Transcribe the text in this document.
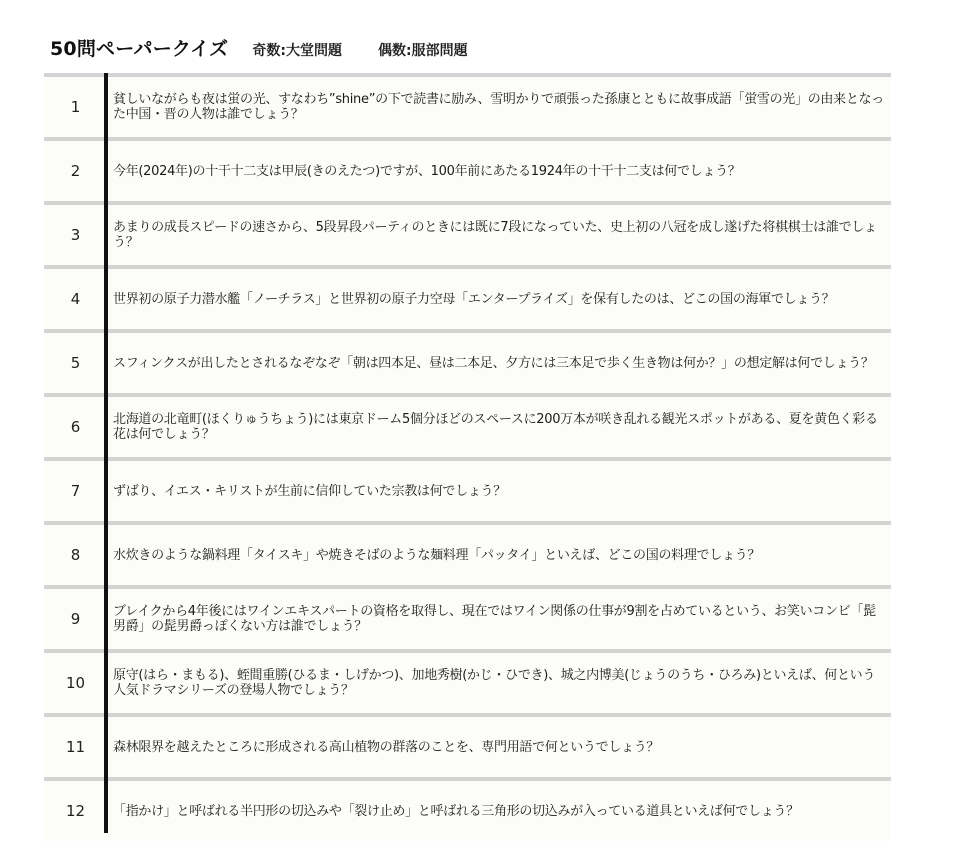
50問ペーパークイズ 奇数:大堂問題	偶数:服部問題
1	貧しいながらも夜は蛍の光、すなわち”shine”の下で読書に励み、雪明かりで頑張った孫康とともに故事成語「蛍雪の光」の由来となった中国・晋の人物は誰でしょう？
2	今年(2024年)の十干十二支は甲辰(きのえたつ)ですが、100年前にあたる1924年の十干十二支は何でしょう？
3	あまりの成長スピードの速さから、5段昇段パーティのときには既に7段になっていた、史上初の八冠を成し遂げた将棋棋士は誰でしょう？
4	世界初の原子力潜水艦「ノーチラス」と世界初の原子力空母「エンタープライズ」を保有したのは、どこの国の海軍でしょう？
5	スフィンクスが出したとされるなぞなぞ「朝は四本足、昼は二本足、夕方には三本足で歩く生き物は何か？」の想定解は何でしょう？
6	北海道の北竜町(ほくりゅうちょう)には東京ドーム5個分ほどのスペースに200万本が咲き乱れる観光スポットがある、夏を黄色く彩る花は何でしょう？
7	ずばり、イエス・キリストが生前に信仰していた宗教は何でしょう？
8	水炊きのような鍋料理「タイスキ」や焼きそばのような麺料理「パッタイ」といえば、どこの国の料理でしょう？
9	ブレイクから4年後にはワインエキスパートの資格を取得し、現在ではワイン関係の仕事が9割を占めているという、お笑いコンビ「髭男爵」の髭男爵っぽくない方は誰でしょう？
10	原守(はら・まもる)、蛭間重勝(ひるま・しげかつ)、加地秀樹(かじ・ひでき)、城之内博美(じょうのうち・ひろみ)といえば、何という人気ドラマシリーズの登場人物でしょう？
11	森林限界を越えたところに形成される高山植物の群落のことを、専門用語で何というでしょう？
12	「指かけ」と呼ばれる半円形の切込みや「裂け止め」と呼ばれる三角形の切込みが入っている道具といえば何でしょう？
